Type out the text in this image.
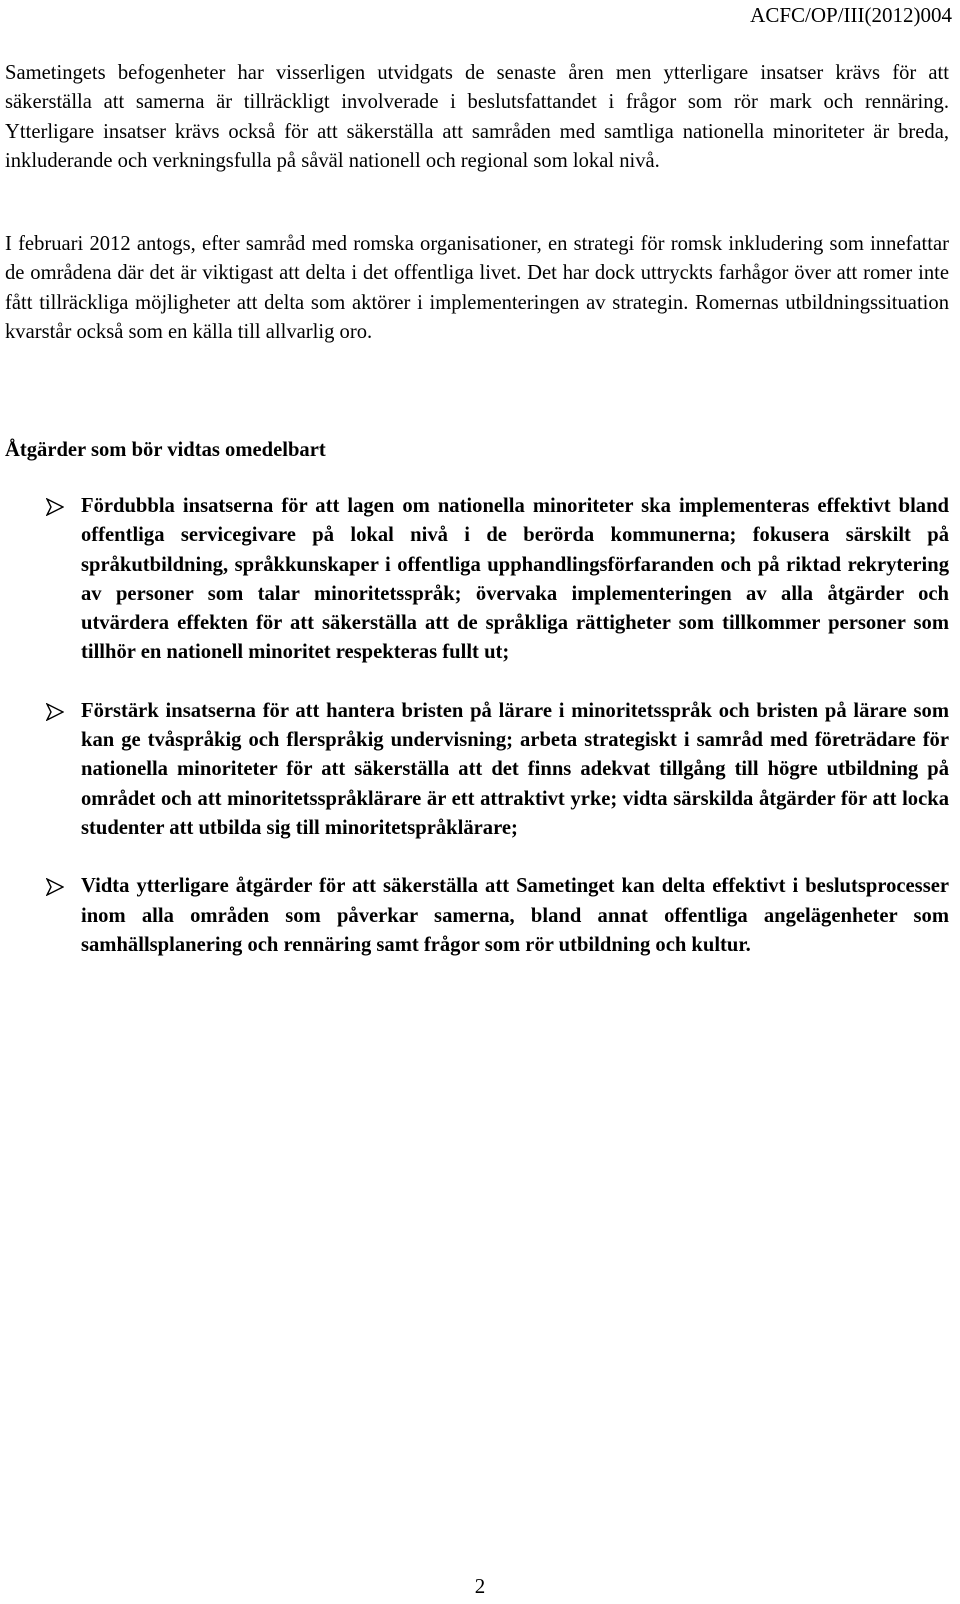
ACFC/OP/III(2012)004

Sametingets befogenheter har visserligen utvidgats de senaste åren men ytterligare insatser krävs för att säkerställa att samerna är tillräckligt involverade i beslutsfattandet i frågor som rör mark och rennäring. Ytterligare insatser krävs också för att säkerställa att samråden med samtliga nationella minoriteter är breda, inkluderande och verkningsfulla på såväl nationell och regional som lokal nivå.

I februari 2012 antogs, efter samråd med romska organisationer, en strategi för romsk inkludering som innefattar de områdena där det är viktigast att delta i det offentliga livet. Det har dock uttryckts farhågor över att romer inte fått tillräckliga möjligheter att delta som aktörer i implementeringen av strategin. Romernas utbildningssituation kvarstår också som en källa till allvarlig oro.

Åtgärder som bör vidtas omedelbart
Fördubbla insatserna för att lagen om nationella minoriteter ska implementeras effektivt bland offentliga servicegivare på lokal nivå i de berörda kommunerna; fokusera särskilt på språkutbildning, språkkunskaper i offentliga upphandlingsförfaranden och på riktad rekrytering av personer som talar minoritetsspråk; övervaka implementeringen av alla åtgärder och utvärdera effekten för att säkerställa att de språkliga rättigheter som tillkommer personer som tillhör en nationell minoritet respekteras fullt ut;
Förstärk insatserna för att hantera bristen på lärare i minoritetsspråk och bristen på lärare som kan ge tvåspråkig och flerspråkig undervisning; arbeta strategiskt i samråd med företrädare för nationella minoriteter för att säkerställa att det finns adekvat tillgång till högre utbildning på området och att minoritetsspråklärare är ett attraktivt yrke; vidta särskilda åtgärder för att locka studenter att utbilda sig till minoritetspråklärare;
Vidta ytterligare åtgärder för att säkerställa att Sametinget kan delta effektivt i beslutsprocesser inom alla områden som påverkar samerna, bland annat offentliga angelägenheter som samhällsplanering och rennäring samt frågor som rör utbildning och kultur.
2
